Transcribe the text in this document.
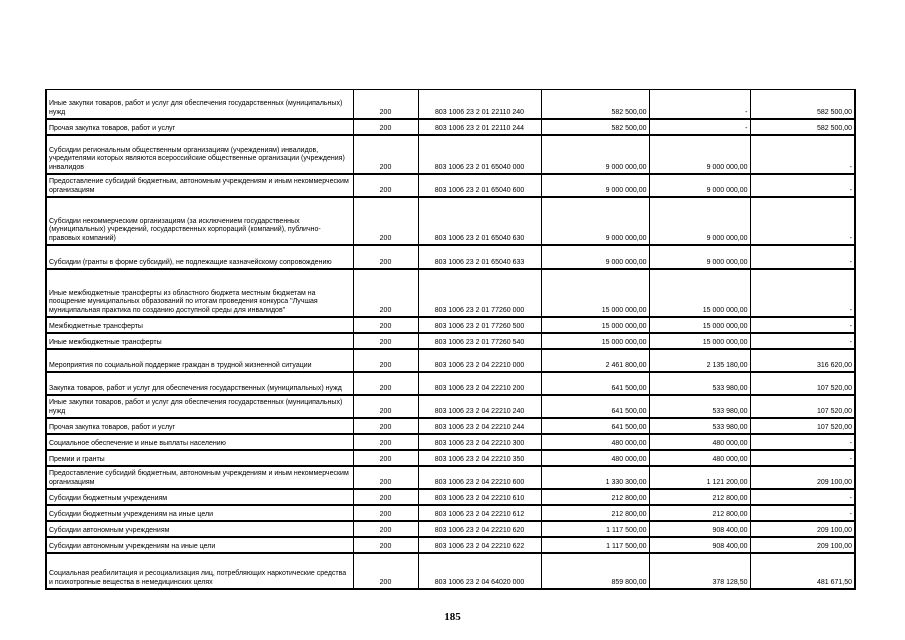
Иные закупки товаров, работ и услуг для обеспечения государственных (муниципальных) нужд	200	803 1006 23 2 01 22110 240	582 500,00	-	582 500,00
Прочая закупка товаров, работ и услуг	200	803 1006 23 2 01 22110 244	582 500,00	-	582 500,00
Субсидии региональным общественным организациям (учреждениям) инвалидов, учредителями которых являются всероссийские общественные организации (учреждения) инвалидов	200	803 1006 23 2 01 65040 000	9 000 000,00	9 000 000,00	-
Предоставление субсидий бюджетным, автономным учреждениям и иным некоммерческим организациям	200	803 1006 23 2 01 65040 600	9 000 000,00	9 000 000,00	-
Субсидии некоммерческим организациям (за исключением государственных (муниципальных) учреждений, государственных корпораций (компаний), публично-правовых компаний)	200	803 1006 23 2 01 65040 630	9 000 000,00	9 000 000,00	-
Субсидии (гранты в форме субсидий), не подлежащие казначейскому сопровождению	200	803 1006 23 2 01 65040 633	9 000 000,00	9 000 000,00	-
Иные межбюджетные трансферты из областного бюджета местным бюджетам на поощрение муниципальных образований по итогам проведения конкурса "Лучшая муниципальная практика по созданию доступной среды для инвалидов"	200	803 1006 23 2 01 77260 000	15 000 000,00	15 000 000,00	-
Межбюджетные трансферты	200	803 1006 23 2 01 77260 500	15 000 000,00	15 000 000,00	-
Иные межбюджетные трансферты	200	803 1006 23 2 01 77260 540	15 000 000,00	15 000 000,00	-
Мероприятия по социальной поддержке граждан в трудной жизненной ситуации	200	803 1006 23 2 04 22210 000	2 461 800,00	2 135 180,00	316 620,00
Закупка товаров, работ и услуг для обеспечения государственных (муниципальных) нужд	200	803 1006 23 2 04 22210 200	641 500,00	533 980,00	107 520,00
Иные закупки товаров, работ и услуг для обеспечения государственных (муниципальных) нужд	200	803 1006 23 2 04 22210 240	641 500,00	533 980,00	107 520,00
Прочая закупка товаров, работ и услуг	200	803 1006 23 2 04 22210 244	641 500,00	533 980,00	107 520,00
Социальное обеспечение и иные выплаты населению	200	803 1006 23 2 04 22210 300	480 000,00	480 000,00	-
Премии и гранты	200	803 1006 23 2 04 22210 350	480 000,00	480 000,00	-
Предоставление субсидий бюджетным, автономным учреждениям и иным некоммерческим организациям	200	803 1006 23 2 04 22210 600	1 330 300,00	1 121 200,00	209 100,00
Субсидии бюджетным учреждениям	200	803 1006 23 2 04 22210 610	212 800,00	212 800,00	-
Субсидии бюджетным учреждениям на иные цели	200	803 1006 23 2 04 22210 612	212 800,00	212 800,00	-
Субсидии автономным учреждениям	200	803 1006 23 2 04 22210 620	1 117 500,00	908 400,00	209 100,00
Субсидии автономным учреждениям на иные цели	200	803 1006 23 2 04 22210 622	1 117 500,00	908 400,00	209 100,00
Социальная реабилитация и ресоциализация лиц, потребляющих наркотические средства и психотропные вещества в немедицинских целях	200	803 1006 23 2 04 64020 000	859 800,00	378 128,50	481 671,50
185
